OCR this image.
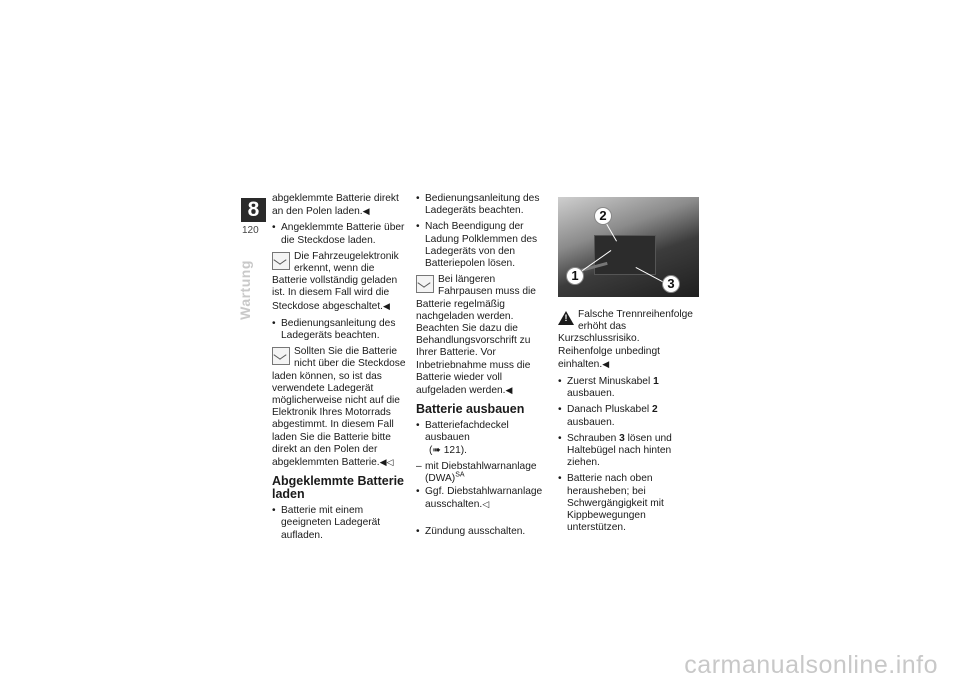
8
120
Wartung

abgeklemmte Batterie direkt an den Polen laden.◀

• Angeklemmte Batterie über die Steckdose laden.
Die Fahrzeugelektronik erkennt, wenn die Batterie vollständig geladen ist. In diesem Fall wird die Steckdose abgeschaltet.◀
• Bedienungsanleitung des Ladegeräts beachten.
Sollten Sie die Batterie nicht über die Steckdose laden können, so ist das verwendete Ladegerät möglicherweise nicht auf die Elektronik Ihres Motorrads abgestimmt. In diesem Fall laden Sie die Batterie bitte direkt an den Polen der abgeklemmten Batterie.◀◁
Abgeklemmte Batterie laden
• Batterie mit einem geeigneten Ladegerät aufladen.
• Bedienungsanleitung des Ladegeräts beachten.
• Nach Beendigung der Ladung Polklemmen des Ladegeräts von den Batteriepolen lösen.
Bei längeren Fahrpausen muss die Batterie regelmäßig nachgeladen werden. Beachten Sie dazu die Behandlungsvorschrift zu Ihrer Batterie. Vor Inbetriebnahme muss die Batterie wieder voll aufgeladen werden.◀
Batterie ausbauen
• Batteriefachdeckel ausbauen
(➠ 121).
– mit Diebstahlwarnanlage (DWA)$^{SA}$
• Ggf. Diebstahlwarnanlage ausschalten.◁
• Zündung ausschalten.
1
2
3
!
Falsche Trennreihenfolge erhöht das Kurzschlussrisiko.
Reihenfolge unbedingt einhalten.◀
• Zuerst Minuskabel 1 ausbauen.
• Danach Pluskabel 2 ausbauen.
• Schrauben 3 lösen und Haltebügel nach hinten ziehen.
• Batterie nach oben herausheben; bei Schwergängigkeit mit Kippbewegungen unterstützen.
carmanualsonline.info
